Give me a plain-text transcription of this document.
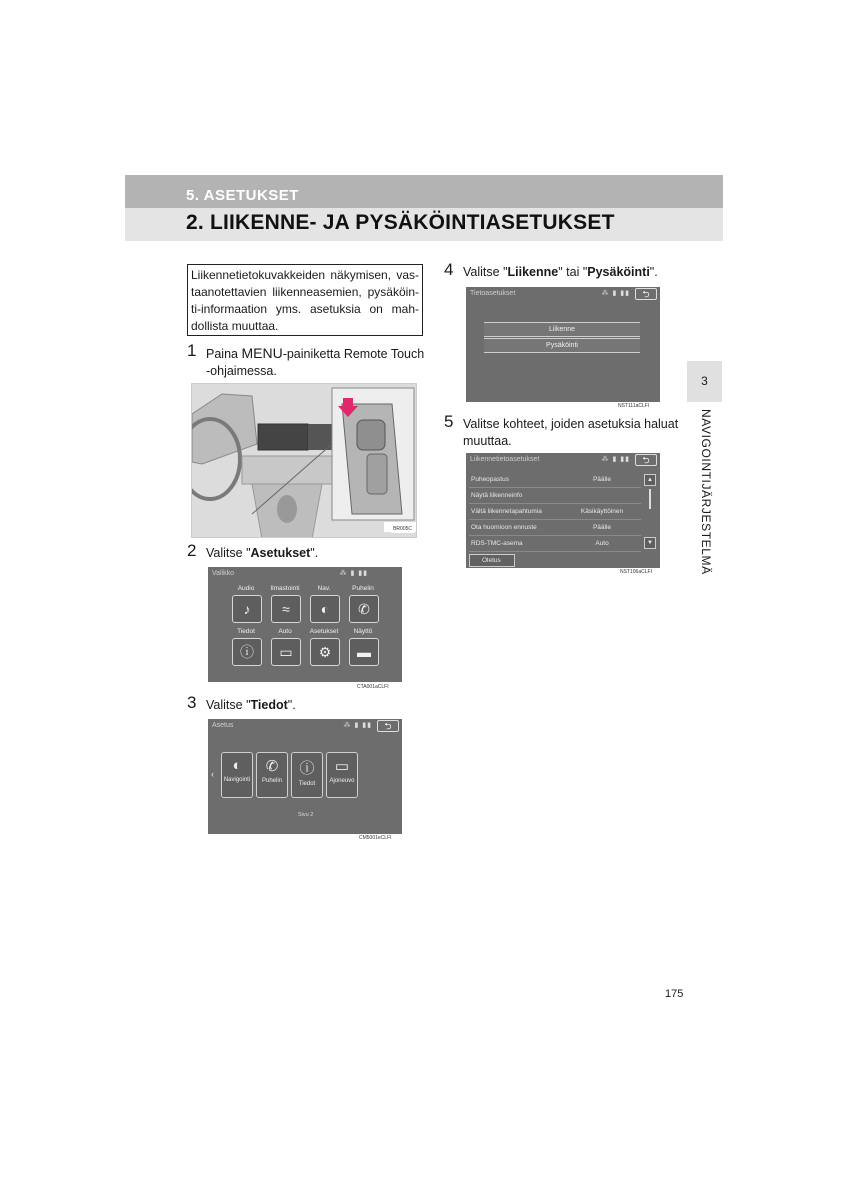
5. ASETUKSET
2. LIIKENNE- JA PYSÄKÖINTIASETUKSET
Liikennetietokuvakkeiden näkymisen, vas-taanotettavien liikenneasemien, pysäköin-ti-informaation yms. asetuksia on mah-dollista muuttaa.
1 Paina MENU-painiketta Remote Touch -ohjaimessa.
BR005C
2 Valitse "Asetukset".
Valikko	⁂ ▮ ▮▮
Audio	Ilmastointi	Nav.	Puhelin
♪	≈	◐	✆
Tiedot	Auto	Asetukset	Näyttö
ⓘ	▭	⚙	▬
CTA001aCLFI
3 Valitse "Tiedot".
Asetus	⁂ ▮ ▮▮	⮌
‹	◐
Navigointi
✆
Puhelin
ⓘ
Tiedot
▭
Ajoneuvo
Sivu 2
CM5001eCLFI
4 Valitse "Liikenne" tai "Pysäköinti".
Tietoasetukset	⁂ ▮ ▮▮	⮌
Liikenne
Pysäköinti
NST111aCLFI
5 Valitse kohteet, joiden asetuksia haluat muuttaa.
Liikennetietoasetukset	⁂ ▮ ▮▮	⮌
Puheopastus	Päälle
Näytä liikenneinfo
Vältä liikennetapahtumia	Käsikäyttöinen
Ota huomioon ennuste	Päälle
RDS-TMC-asema	Auto
▲
▼
Oletus
NST106aCLFI
3
NAVIGOINTIJÄRJESTELMÄ
175
